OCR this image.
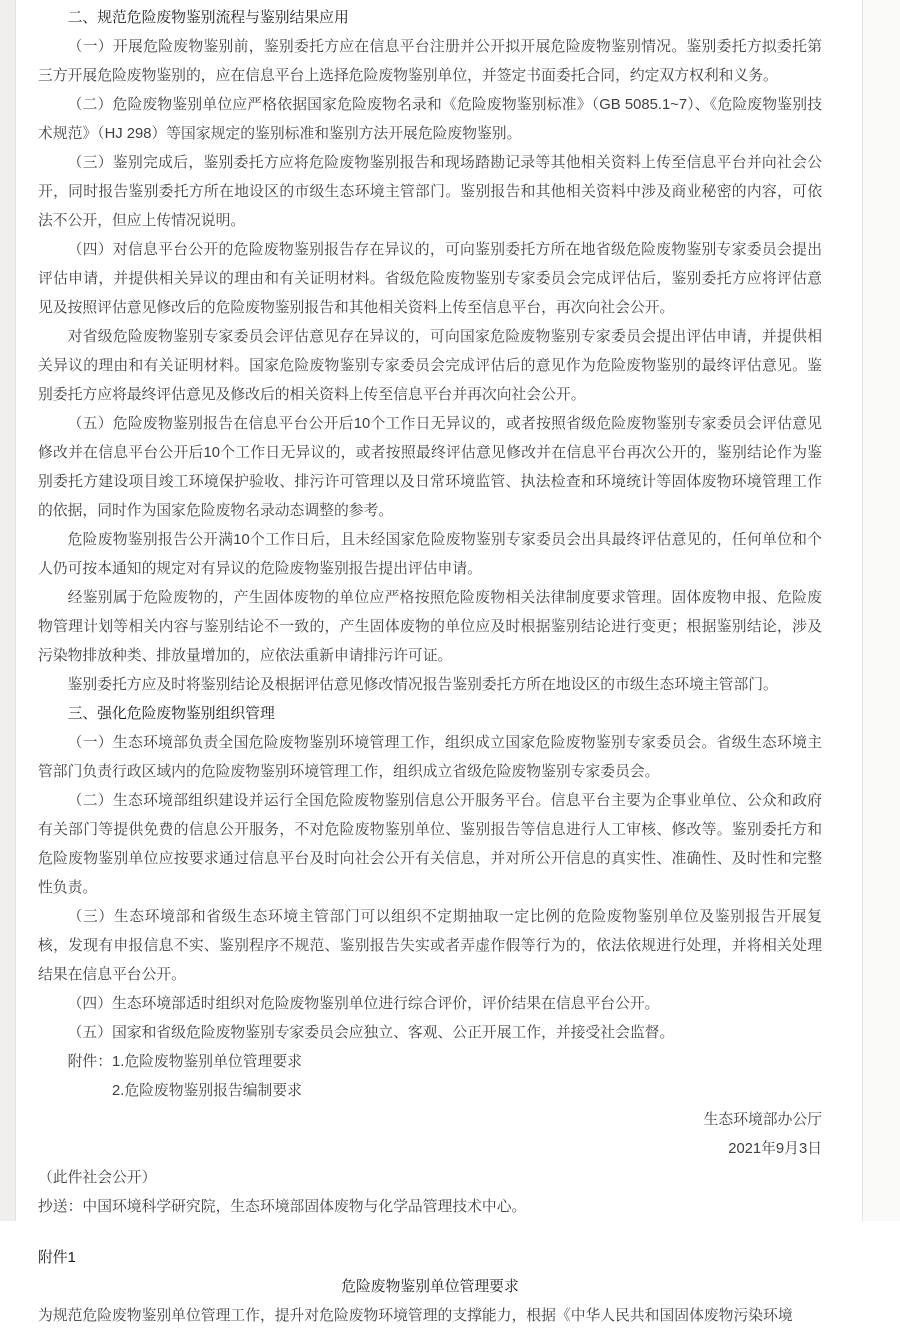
二、规范危险废物鉴别流程与鉴别结果应用

（一）开展危险废物鉴别前，鉴别委托方应在信息平台注册并公开拟开展危险废物鉴别情况。鉴别委托方拟委托第三方开展危险废物鉴别的，应在信息平台上选择危险废物鉴别单位，并签定书面委托合同，约定双方权利和义务。

（二）危险废物鉴别单位应严格依据国家危险废物名录和《危险废物鉴别标准》（GB 5085.1~7）、《危险废物鉴别技术规范》（HJ 298）等国家规定的鉴别标准和鉴别方法开展危险废物鉴别。

（三）鉴别完成后，鉴别委托方应将危险废物鉴别报告和现场踏勘记录等其他相关资料上传至信息平台并向社会公开，同时报告鉴别委托方所在地设区的市级生态环境主管部门。鉴别报告和其他相关资料中涉及商业秘密的内容，可依法不公开，但应上传情况说明。

（四）对信息平台公开的危险废物鉴别报告存在异议的，可向鉴别委托方所在地省级危险废物鉴别专家委员会提出评估申请，并提供相关异议的理由和有关证明材料。省级危险废物鉴别专家委员会完成评估后，鉴别委托方应将评估意见及按照评估意见修改后的危险废物鉴别报告和其他相关资料上传至信息平台，再次向社会公开。

对省级危险废物鉴别专家委员会评估意见存在异议的，可向国家危险废物鉴别专家委员会提出评估申请，并提供相关异议的理由和有关证明材料。国家危险废物鉴别专家委员会完成评估后的意见作为危险废物鉴别的最终评估意见。鉴别委托方应将最终评估意见及修改后的相关资料上传至信息平台并再次向社会公开。

（五）危险废物鉴别报告在信息平台公开后10个工作日无异议的，或者按照省级危险废物鉴别专家委员会评估意见修改并在信息平台公开后10个工作日无异议的，或者按照最终评估意见修改并在信息平台再次公开的，鉴别结论作为鉴别委托方建设项目竣工环境保护验收、排污许可管理以及日常环境监管、执法检查和环境统计等固体废物环境管理工作的依据，同时作为国家危险废物名录动态调整的参考。

危险废物鉴别报告公开满10个工作日后，且未经国家危险废物鉴别专家委员会出具最终评估意见的，任何单位和个人仍可按本通知的规定对有异议的危险废物鉴别报告提出评估申请。

经鉴别属于危险废物的，产生固体废物的单位应严格按照危险废物相关法律制度要求管理。固体废物申报、危险废物管理计划等相关内容与鉴别结论不一致的，产生固体废物的单位应及时根据鉴别结论进行变更；根据鉴别结论，涉及污染物排放种类、排放量增加的，应依法重新申请排污许可证。

鉴别委托方应及时将鉴别结论及根据评估意见修改情况报告鉴别委托方所在地设区的市级生态环境主管部门。

三、强化危险废物鉴别组织管理

（一）生态环境部负责全国危险废物鉴别环境管理工作，组织成立国家危险废物鉴别专家委员会。省级生态环境主管部门负责行政区域内的危险废物鉴别环境管理工作，组织成立省级危险废物鉴别专家委员会。

（二）生态环境部组织建设并运行全国危险废物鉴别信息公开服务平台。信息平台主要为企事业单位、公众和政府有关部门等提供免费的信息公开服务，不对危险废物鉴别单位、鉴别报告等信息进行人工审核、修改等。鉴别委托方和危险废物鉴别单位应按要求通过信息平台及时向社会公开有关信息，并对所公开信息的真实性、准确性、及时性和完整性负责。

（三）生态环境部和省级生态环境主管部门可以组织不定期抽取一定比例的危险废物鉴别单位及鉴别报告开展复核，发现有申报信息不实、鉴别程序不规范、鉴别报告失实或者弄虚作假等行为的，依法依规进行处理，并将相关处理结果在信息平台公开。

（四）生态环境部适时组织对危险废物鉴别单位进行综合评价，评价结果在信息平台公开。

（五）国家和省级危险废物鉴别专家委员会应独立、客观、公正开展工作，并接受社会监督。

附件：1.危险废物鉴别单位管理要求

2.危险废物鉴别报告编制要求

生态环境部办公厅

2021年9月3日

（此件社会公开）

抄送：中国环境科学研究院，生态环境部固体废物与化学品管理技术中心。

附件1

危险废物鉴别单位管理要求

为规范危险废物鉴别单位管理工作，提升对危险废物环境管理的支撑能力，根据《中华人民共和国固体废物污染环境
